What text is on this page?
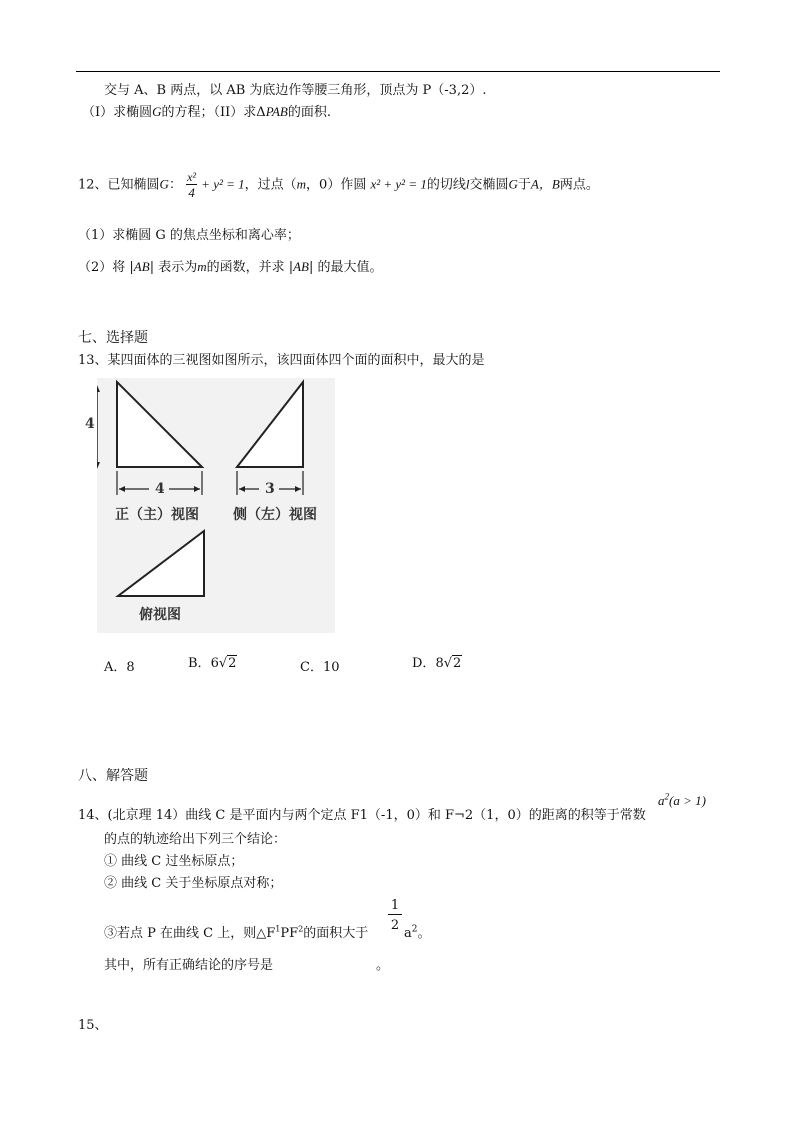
交与 A、B 两点，以 AB 为底边作等腰三角形，顶点为 P（-3,2）.
（I）求椭圆G的方程；（II）求ΔPAB的面积.
12、已知椭圆G： $\frac{\text{x²}}{4} + y^2 = 1$，过点（m，0）作圆 x² + y² = 1的切线l交椭圆G于A，B两点。
（1）求椭圆 G 的焦点坐标和离心率；
（2）将 |AB| 表示为m的函数，并求 |AB| 的最大值。
七、选择题
13、某四面体的三视图如图所示，该四面体四个面的面积中，最大的是
4
4	3
正（主）视图 侧（左）视图
俯视图
A．8	B．6√2	C．10	D．8√2
八、解答题
14、(北京理 14）曲线 C 是平面内与两个定点 F1（-1，0）和 F¬2（1，0）的距离的积等于常数
$a^2(a > 1)$
的点的轨迹给出下列三个结论：
① 曲线 C 过坐标原点；
② 曲线 C 关于坐标原点对称；
③若点 P 在曲线 C 上，则$\triangle F^1PF^2$的面积大于
1
2
$a^2$。
其中，所有正确结论的序号是	。
15、
